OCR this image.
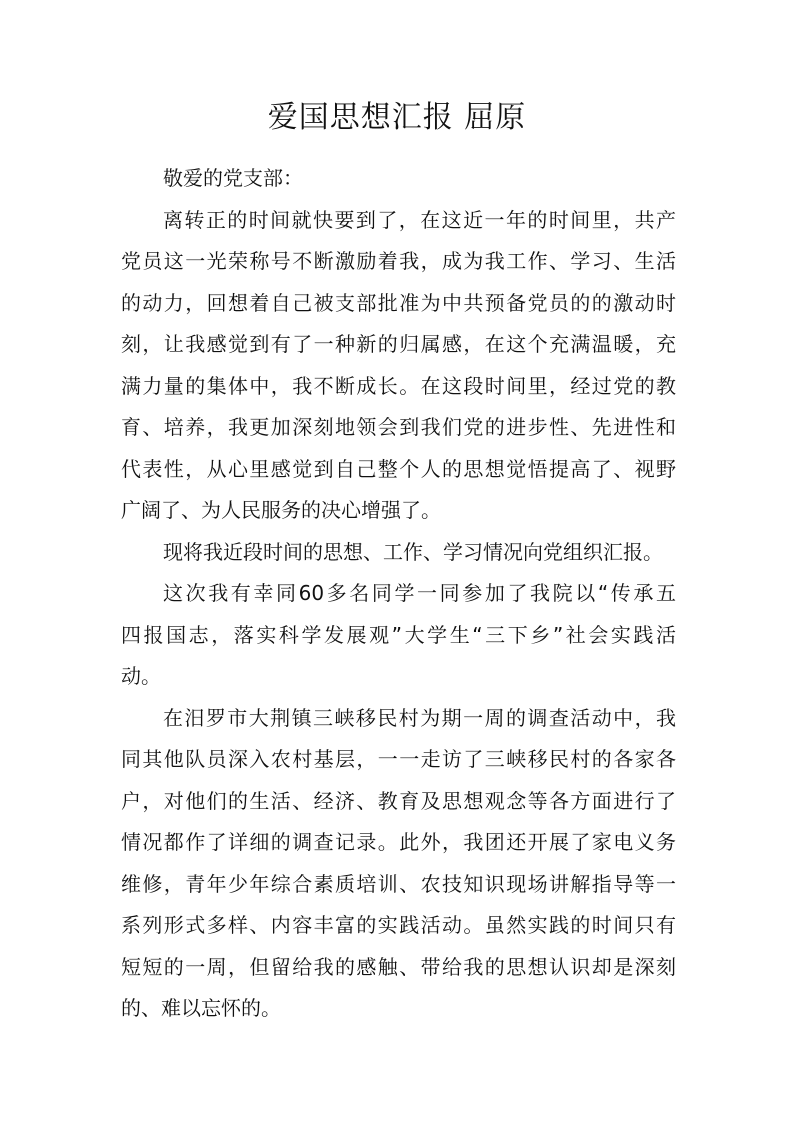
爱国思想汇报 屈原
敬爱的党支部：
离转正的时间就快要到了，在这近一年的时间里，共产
党员这一光荣称号不断激励着我，成为我工作、学习、生活
的动力，回想着自己被支部批准为中共预备党员的的激动时
刻，让我感觉到有了一种新的归属感，在这个充满温暖，充
满力量的集体中，我不断成长。在这段时间里，经过党的教
育、培养，我更加深刻地领会到我们党的进步性、先进性和
代表性，从心里感觉到自己整个人的思想觉悟提高了、视野
广阔了、为人民服务的决心增强了。
现将我近段时间的思想、工作、学习情况向党组织汇报。
这次我有幸同60多名同学一同参加了我院以“传承五
四报国志，落实科学发展观”大学生“三下乡”社会实践活
动。
在汨罗市大荆镇三峡移民村为期一周的调查活动中，我
同其他队员深入农村基层，一一走访了三峡移民村的各家各
户，对他们的生活、经济、教育及思想观念等各方面进行了
情况都作了详细的调查记录。此外，我团还开展了家电义务
维修，青年少年综合素质培训、农技知识现场讲解指导等一
系列形式多样、内容丰富的实践活动。虽然实践的时间只有
短短的一周，但留给我的感触、带给我的思想认识却是深刻
的、难以忘怀的。
